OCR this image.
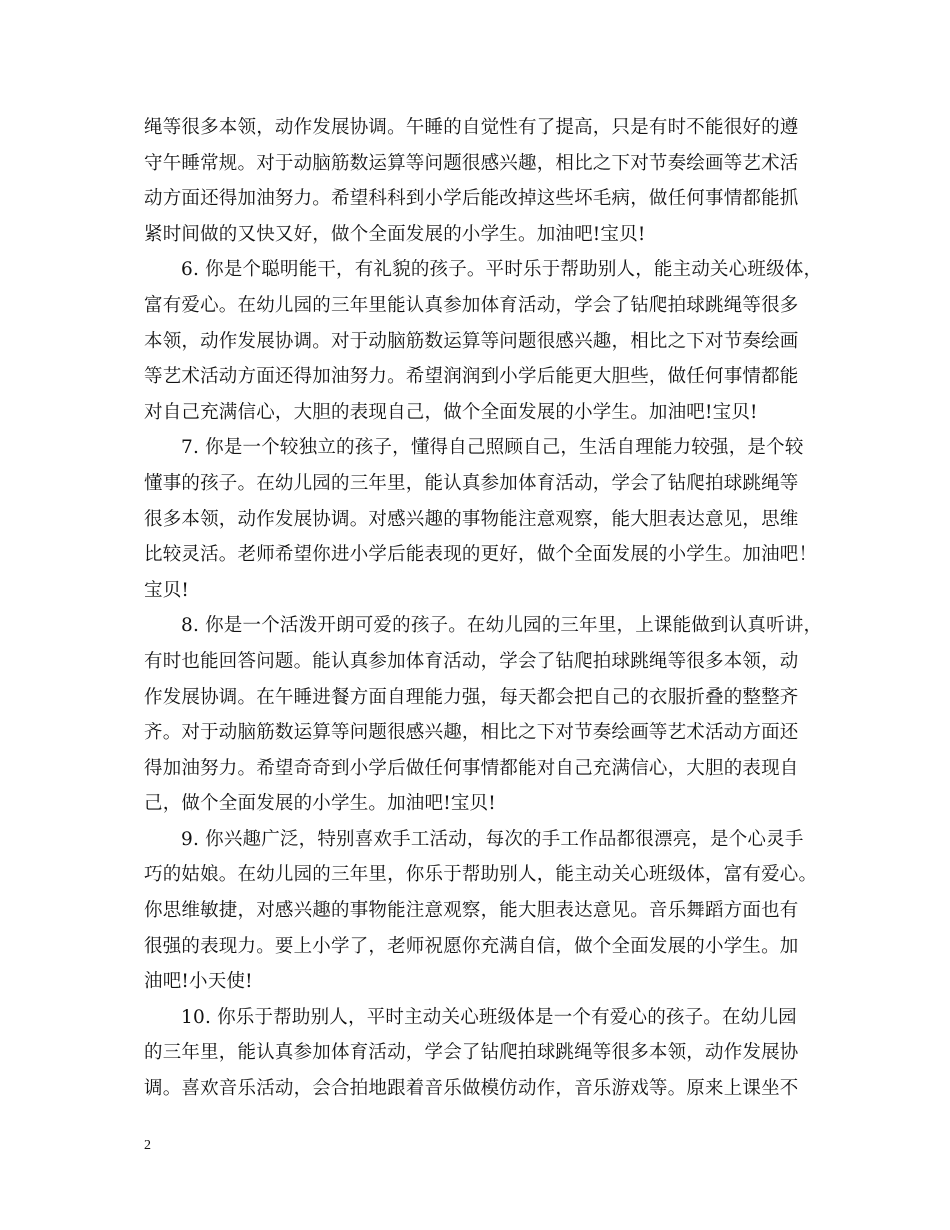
绳等很多本领，动作发展协调。午睡的自觉性有了提高，只是有时不能很好的遵
守午睡常规。对于动脑筋数运算等问题很感兴趣，相比之下对节奏绘画等艺术活
动方面还得加油努力。希望科科到小学后能改掉这些坏毛病，做任何事情都能抓
紧时间做的又快又好，做个全面发展的小学生。加油吧!宝贝!
6. 你是个聪明能干，有礼貌的孩子。平时乐于帮助别人，能主动关心班级体，
富有爱心。在幼儿园的三年里能认真参加体育活动，学会了钻爬拍球跳绳等很多
本领，动作发展协调。对于动脑筋数运算等问题很感兴趣，相比之下对节奏绘画
等艺术活动方面还得加油努力。希望润润到小学后能更大胆些，做任何事情都能
对自己充满信心，大胆的表现自己，做个全面发展的小学生。加油吧!宝贝!
7. 你是一个较独立的孩子，懂得自己照顾自己，生活自理能力较强，是个较
懂事的孩子。在幼儿园的三年里，能认真参加体育活动，学会了钻爬拍球跳绳等
很多本领，动作发展协调。对感兴趣的事物能注意观察，能大胆表达意见，思维
比较灵活。老师希望你进小学后能表现的更好，做个全面发展的小学生。加油吧！
宝贝!
8. 你是一个活泼开朗可爱的孩子。在幼儿园的三年里，上课能做到认真听讲，
有时也能回答问题。能认真参加体育活动，学会了钻爬拍球跳绳等很多本领，动
作发展协调。在午睡进餐方面自理能力强，每天都会把自己的衣服折叠的整整齐
齐。对于动脑筋数运算等问题很感兴趣，相比之下对节奏绘画等艺术活动方面还
得加油努力。希望奇奇到小学后做任何事情都能对自己充满信心，大胆的表现自
己，做个全面发展的小学生。加油吧!宝贝!
9. 你兴趣广泛，特别喜欢手工活动，每次的手工作品都很漂亮，是个心灵手
巧的姑娘。在幼儿园的三年里，你乐于帮助别人，能主动关心班级体，富有爱心。
你思维敏捷，对感兴趣的事物能注意观察，能大胆表达意见。音乐舞蹈方面也有
很强的表现力。要上小学了，老师祝愿你充满自信，做个全面发展的小学生。加
油吧!小天使!
10. 你乐于帮助别人，平时主动关心班级体是一个有爱心的孩子。在幼儿园
的三年里，能认真参加体育活动，学会了钻爬拍球跳绳等很多本领，动作发展协
调。喜欢音乐活动，会合拍地跟着音乐做模仿动作，音乐游戏等。原来上课坐不
2
